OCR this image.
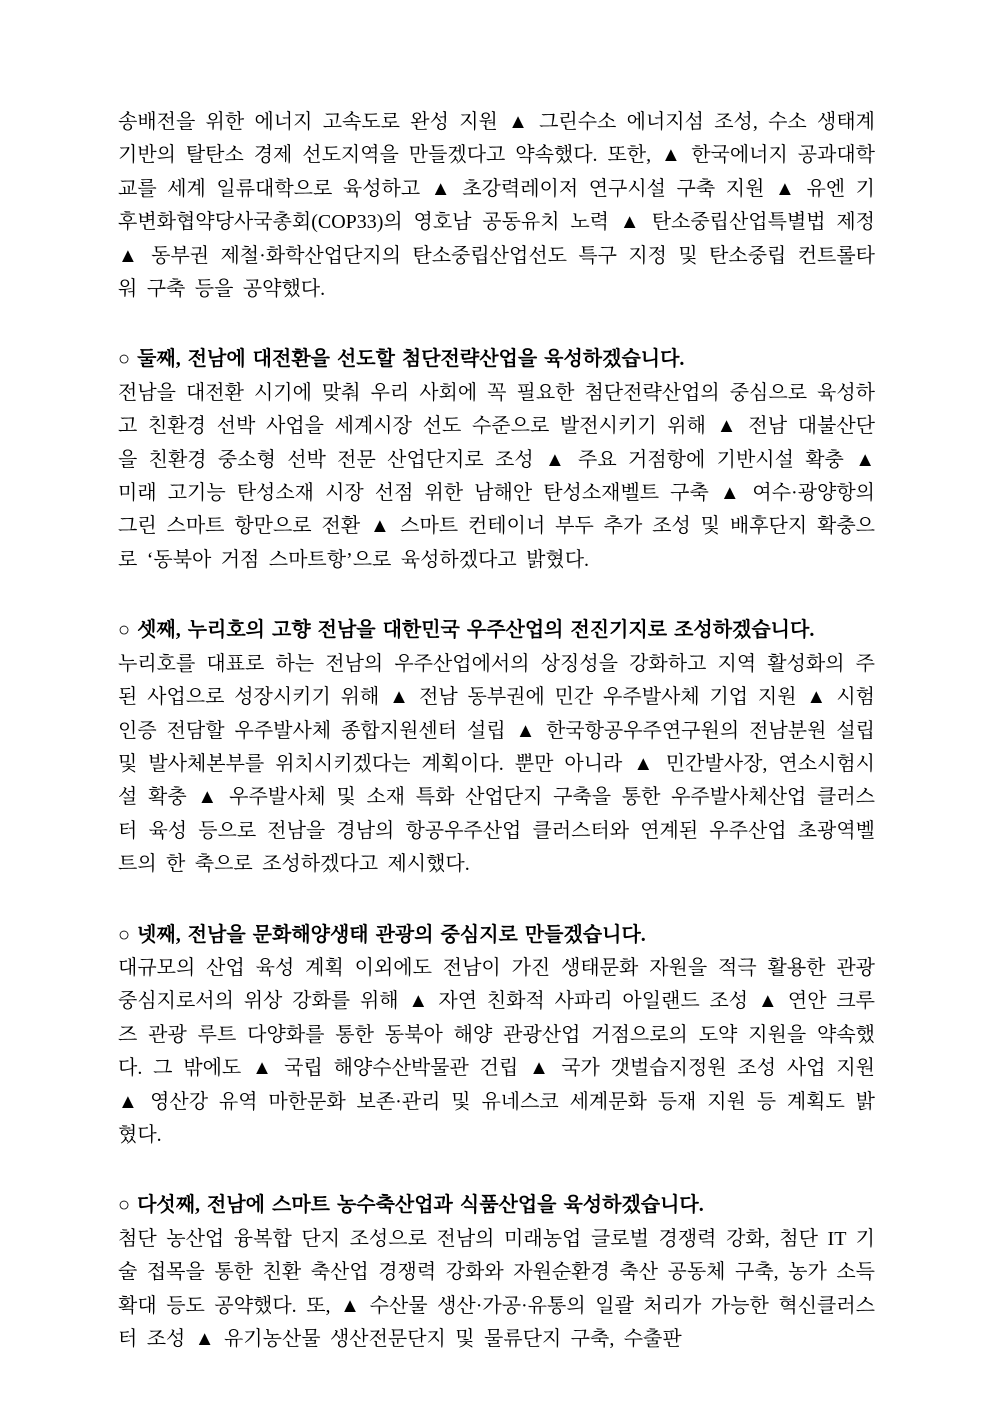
송배전을 위한 에너지 고속도로 완성 지원 ▲ 그린수소 에너지섬 조성, 수소 생태계 기반의 탈탄소 경제 선도지역을 만들겠다고 약속했다. 또한, ▲ 한국에너지 공과대학교를 세계 일류대학으로 육성하고 ▲ 초강력레이저 연구시설 구축 지원 ▲ 유엔 기후변화협약당사국총회(COP33)의 영호남 공동유치 노력 ▲ 탄소중립산업특별법 제정 ▲ 동부권 제철·화학산업단지의 탄소중립산업선도 특구 지정 및 탄소중립 컨트롤타워 구축 등을 공약했다.

○ 둘째, 전남에 대전환을 선도할 첨단전략산업을 육성하겠습니다.

전남을 대전환 시기에 맞춰 우리 사회에 꼭 필요한 첨단전략산업의 중심으로 육성하고 친환경 선박 사업을 세계시장 선도 수준으로 발전시키기 위해 ▲ 전남 대불산단을 친환경 중소형 선박 전문 산업단지로 조성 ▲ 주요 거점항에 기반시설 확충 ▲ 미래 고기능 탄성소재 시장 선점 위한 남해안 탄성소재벨트 구축 ▲ 여수·광양항의 그린 스마트 항만으로 전환 ▲ 스마트 컨테이너 부두 추가 조성 및 배후단지 확충으로 ‘동북아 거점 스마트항’으로 육성하겠다고 밝혔다.

○ 셋째, 누리호의 고향 전남을 대한민국 우주산업의 전진기지로 조성하겠습니다.

누리호를 대표로 하는 전남의 우주산업에서의 상징성을 강화하고 지역 활성화의 주된 사업으로 성장시키기 위해 ▲ 전남 동부권에 민간 우주발사체 기업 지원 ▲ 시험인증 전담할 우주발사체 종합지원센터 설립 ▲ 한국항공우주연구원의 전남분원 설립 및 발사체본부를 위치시키겠다는 계획이다. 뿐만 아니라 ▲ 민간발사장, 연소시험시설 확충 ▲ 우주발사체 및 소재 특화 산업단지 구축을 통한 우주발사체산업 클러스터 육성 등으로 전남을 경남의 항공우주산업 클러스터와 연계된 우주산업 초광역벨트의 한 축으로 조성하겠다고 제시했다.

○ 넷째, 전남을 문화해양생태 관광의 중심지로 만들겠습니다.

대규모의 산업 육성 계획 이외에도 전남이 가진 생태문화 자원을 적극 활용한 관광 중심지로서의 위상 강화를 위해 ▲ 자연 친화적 사파리 아일랜드 조성 ▲ 연안 크루즈 관광 루트 다양화를 통한 동북아 해양 관광산업 거점으로의 도약 지원을 약속했다. 그 밖에도 ▲ 국립 해양수산박물관 건립 ▲ 국가 갯벌습지정원 조성 사업 지원 ▲ 영산강 유역 마한문화 보존·관리 및 유네스코 세계문화 등재 지원 등 계획도 밝혔다.

○ 다섯째, 전남에 스마트 농수축산업과 식품산업을 육성하겠습니다.

첨단 농산업 융복합 단지 조성으로 전남의 미래농업 글로벌 경쟁력 강화, 첨단 IT 기술 접목을 통한 친환 축산업 경쟁력 강화와 자원순환경 축산 공동체 구축, 농가 소득 확대 등도 공약했다. 또, ▲ 수산물 생산·가공·유통의 일괄 처리가 가능한 혁신클러스터 조성 ▲ 유기농산물 생산전문단지 및 물류단지 구축, 수출판
